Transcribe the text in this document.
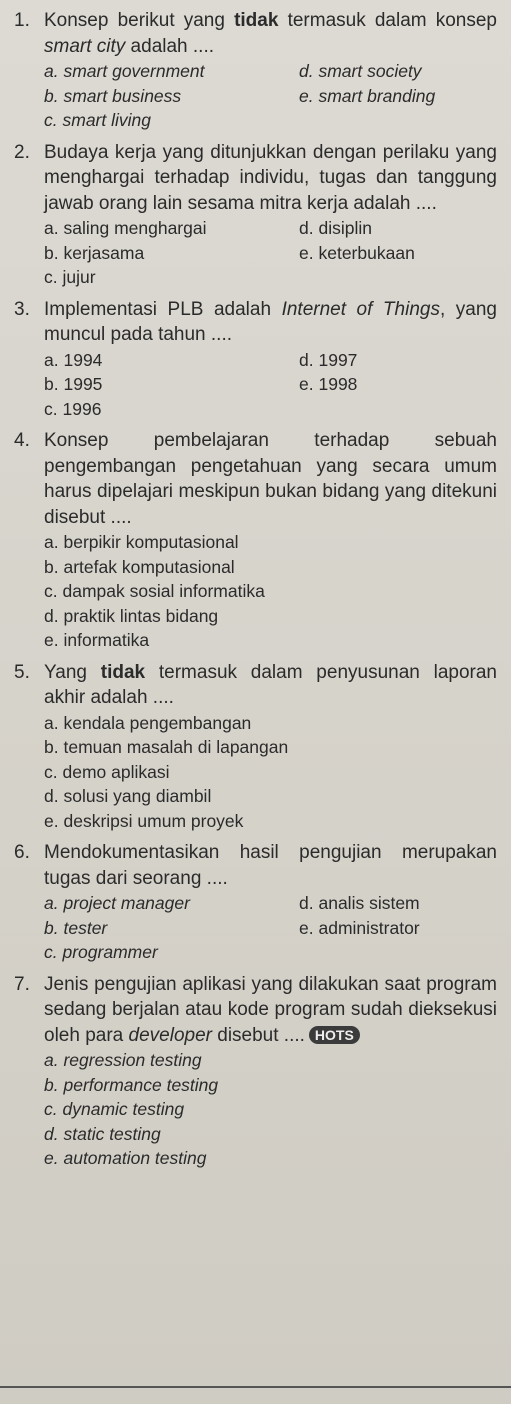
1. Konsep berikut yang tidak termasuk dalam konsep smart city adalah ....
a. smart government	d. smart society
b. smart business	e. smart branding
c. smart living
2. Budaya kerja yang ditunjukkan dengan perilaku yang menghargai terhadap individu, tugas dan tanggung jawab orang lain sesama mitra kerja adalah ....
a. saling menghargai	d. disiplin
b. kerjasama	e. keterbukaan
c. jujur
3. Implementasi PLB adalah Internet of Things, yang muncul pada tahun ....
a. 1994	d. 1997
b. 1995	e. 1998
c. 1996
4. Konsep pembelajaran terhadap sebuah pengembangan pengetahuan yang secara umum harus dipelajari meskipun bukan bidang yang ditekuni disebut ....
a. berpikir komputasional
b. artefak komputasional
c. dampak sosial informatika
d. praktik lintas bidang
e. informatika
5. Yang tidak termasuk dalam penyusunan laporan akhir adalah ....
a. kendala pengembangan
b. temuan masalah di lapangan
c. demo aplikasi
d. solusi yang diambil
e. deskripsi umum proyek
6. Mendokumentasikan hasil pengujian merupakan tugas dari seorang ....
a. project manager	d. analis sistem
b. tester	e. administrator
c. programmer
7. Jenis pengujian aplikasi yang dilakukan saat program sedang berjalan atau kode program sudah dieksekusi oleh para developer disebut .... HOTS
a. regression testing
b. performance testing
c. dynamic testing
d. static testing
e. automation testing
